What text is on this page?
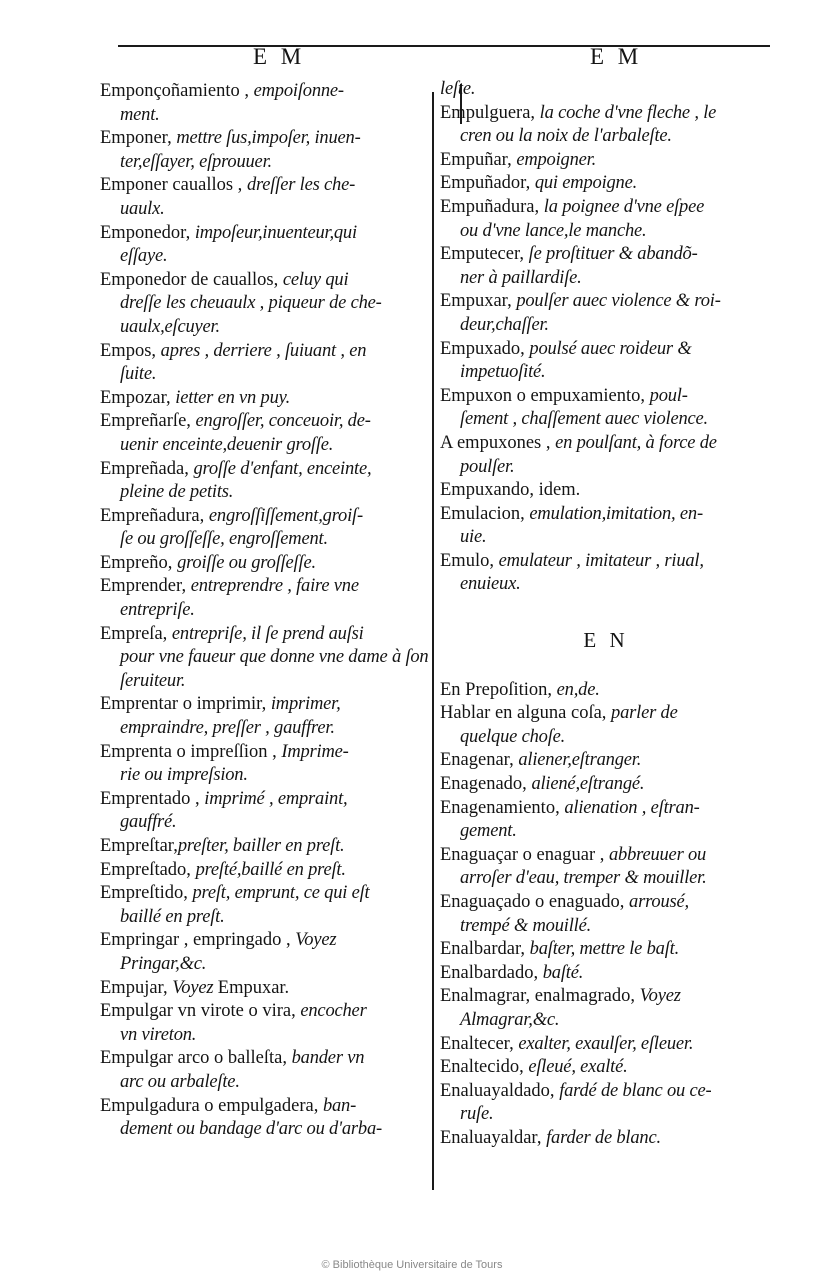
E M	E M
Emponçoñamiento , empoiſonne-
ment.
Emponer, mettre ſus,impoſer, inuen-
ter,eſſayer, eſprouuer.
Emponer cauallos , dreſſer les che-
uaulx.
Emponedor, impoſeur,inuenteur,qui
eſſaye.
Emponedor de cauallos, celuy qui
dreſſe les cheuaulx , piqueur de che- uaulx,eſcuyer.
Empos, apres , derriere , ſuiuant , en
ſuite.
Empozar, ietter en vn puy.
Empreñarſe, engroſſer, conceuoir, de-
uenir enceinte,deuenir groſſe.
Empreñada, groſſe d'enfant, enceinte,
pleine de petits.
Empreñadura, engroſſiſſement,groiſ-
ſe ou groſſeſſe, engroſſement.
Empreño, groiſſe ou groſſeſſe.
Emprender, entreprendre , faire vne
entrepriſe.
Empreſa, entrepriſe, il ſe prend auſsi
pour vne faueur que donne vne dame à ſon ſeruiteur.
Emprentar o imprimir, imprimer,
empraindre, preſſer , gauffrer.
Emprenta o impreſſion , Imprime-
rie ou impreſsion.
Emprentado , imprimé , empraint,
gauffré.
Empreſtar,preſter, bailler en preſt.
Empreſtado, preſté,baillé en preſt.
Empreſtido, preſt, emprunt, ce qui eſt
baillé en preſt.
Empringar , empringado , Voyez
Pringar,&c.
Empujar, Voyez Empuxar.
Empulgar vn virote o vira, encocher
vn vireton.
Empulgar arco o balleſta, bander vn
arc ou arbaleſte.
Empulgadura o empulgadera, ban-
dement ou bandage d'arc ou d'arba-
leſte.
Empulguera, la coche d'vne fleche , le
cren ou la noix de l'arbaleſte.
Empuñar, empoigner.
Empuñador, qui empoigne.
Empuñadura, la poignee d'vne eſpee
ou d'vne lance,le manche.
Emputecer, ſe proſtituer & abandõ-
ner à paillardiſe.
Empuxar, poulſer auec violence & roi-
deur,chaſſer.
Empuxado, poulsé auec roideur &
impetuoſité.
Empuxon o empuxamiento, poul-
ſement , chaſſement auec violence.
A empuxones , en poulſant, à force de
poulſer.
Empuxando, idem.
Emulacion, emulation,imitation, en-
uie.
Emulo, emulateur , imitateur , riual,
enuieux.
E N
En Prepoſition, en,de.
Hablar en alguna coſa, parler de
quelque choſe.
Enagenar, aliener,eſtranger.
Enagenado, aliené,eſtrangé.
Enagenamiento, alienation , eſtran-
gement.
Enaguaçar o enaguar , abbreuuer ou
arroſer d'eau, tremper & mouiller.
Enaguaçado o enaguado, arrousé,
trempé & mouillé.
Enalbardar, baſter, mettre le baſt.
Enalbardado, baſté.
Enalmagrar, enalmagrado, Voyez
Almagrar,&c.
Enaltecer, exalter, exaulſer, eſleuer.
Enaltecido, eſleué, exalté.
Enaluayaldado, fardé de blanc ou ce-
ruſe.
Enaluayaldar, farder de blanc.
© Bibliothèque Universitaire de Tours
